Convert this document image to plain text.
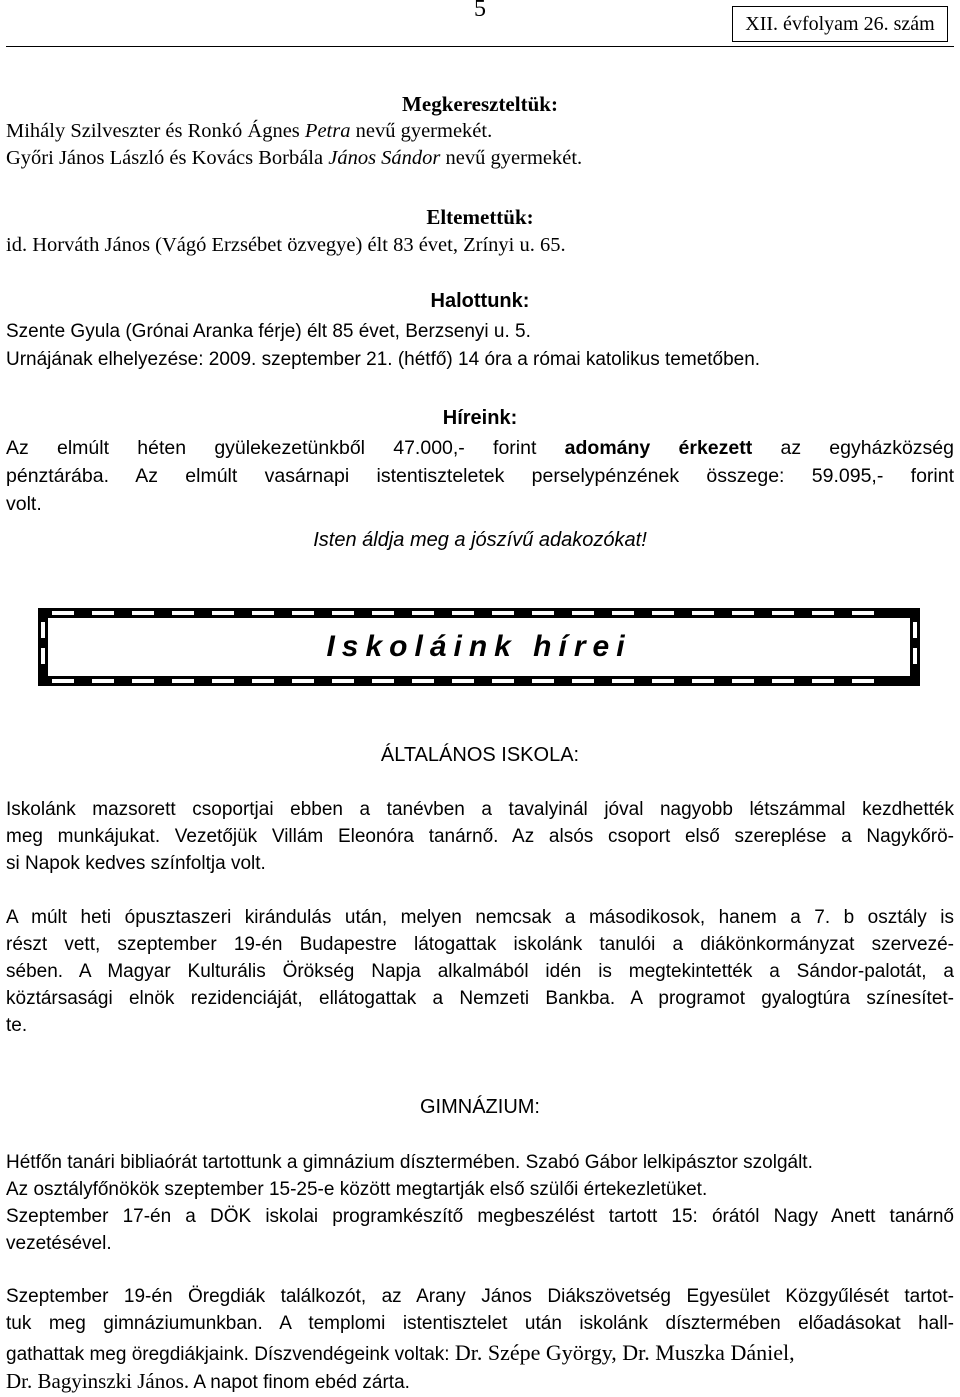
5
XII. évfolyam 26. szám
Megkereszteltük:
Mihály Szilveszter és Ronkó Ágnes Petra nevű gyermekét.
Győri János László és Kovács Borbála János Sándor nevű gyermekét.
Eltemettük:
id. Horváth János (Vágó Erzsébet özvegye) élt 83 évet, Zrínyi u. 65.
Halottunk:
Szente Gyula (Grónai Aranka férje) élt 85 évet, Berzsenyi u. 5.
Urnájának elhelyezése: 2009. szeptember 21. (hétfő) 14 óra a római katolikus temetőben.
Híreink:
Az elmúlt héten gyülekezetünkből 47.000,- forint adomány érkezett az egyházközség
pénztárába. Az elmúlt vasárnapi istentiszteletek perselypénzének összege: 59.095,- forint
volt.
Isten áldja meg a jószívű adakozókat!
Iskoláink hírei
ÁLTALÁNOS ISKOLA:
Iskolánk mazsorett csoportjai ebben a tanévben a tavalyinál jóval nagyobb létszámmal kezdhették
meg munkájukat. Vezetőjük Villám Eleonóra tanárnő. Az alsós csoport első szereplése a Nagykőrö-
si Napok kedves színfoltja volt.
A múlt heti ópusztaszeri kirándulás után, melyen nemcsak a másodikosok, hanem a 7. b osztály is
részt vett, szeptember 19-én Budapestre látogattak iskolánk tanulói a diákönkormányzat szervezé-
sében. A Magyar Kulturális Örökség Napja alkalmából idén is megtekintették a Sándor-palotát, a
köztársasági elnök rezidenciáját, ellátogattak a Nemzeti Bankba. A programot gyalogtúra színesítet-
te.
GIMNÁZIUM:
Hétfőn tanári bibliaórát tartottunk a gimnázium dísztermében. Szabó Gábor lelkipásztor szolgált.
Az osztályfőnökök szeptember 15-25-e között megtartják első szülői értekezletüket.
Szeptember 17-én a DÖK iskolai programkészítő megbeszélést tartott 15: órától Nagy Anett tanárnő
vezetésével.
Szeptember 19-én Öregdiák találkozót, az Arany János Diákszövetség Egyesület Közgyűlését tartot-
tuk meg gimnáziumunkban. A templomi istentisztelet után iskolánk dísztermében előadásokat hall-
gathattak meg öregdiákjaink. Díszvendégeink voltak: Dr. Szépe György, Dr. Muszka Dániel,
Dr. Bagyinszki János. A napot finom ebéd zárta.
